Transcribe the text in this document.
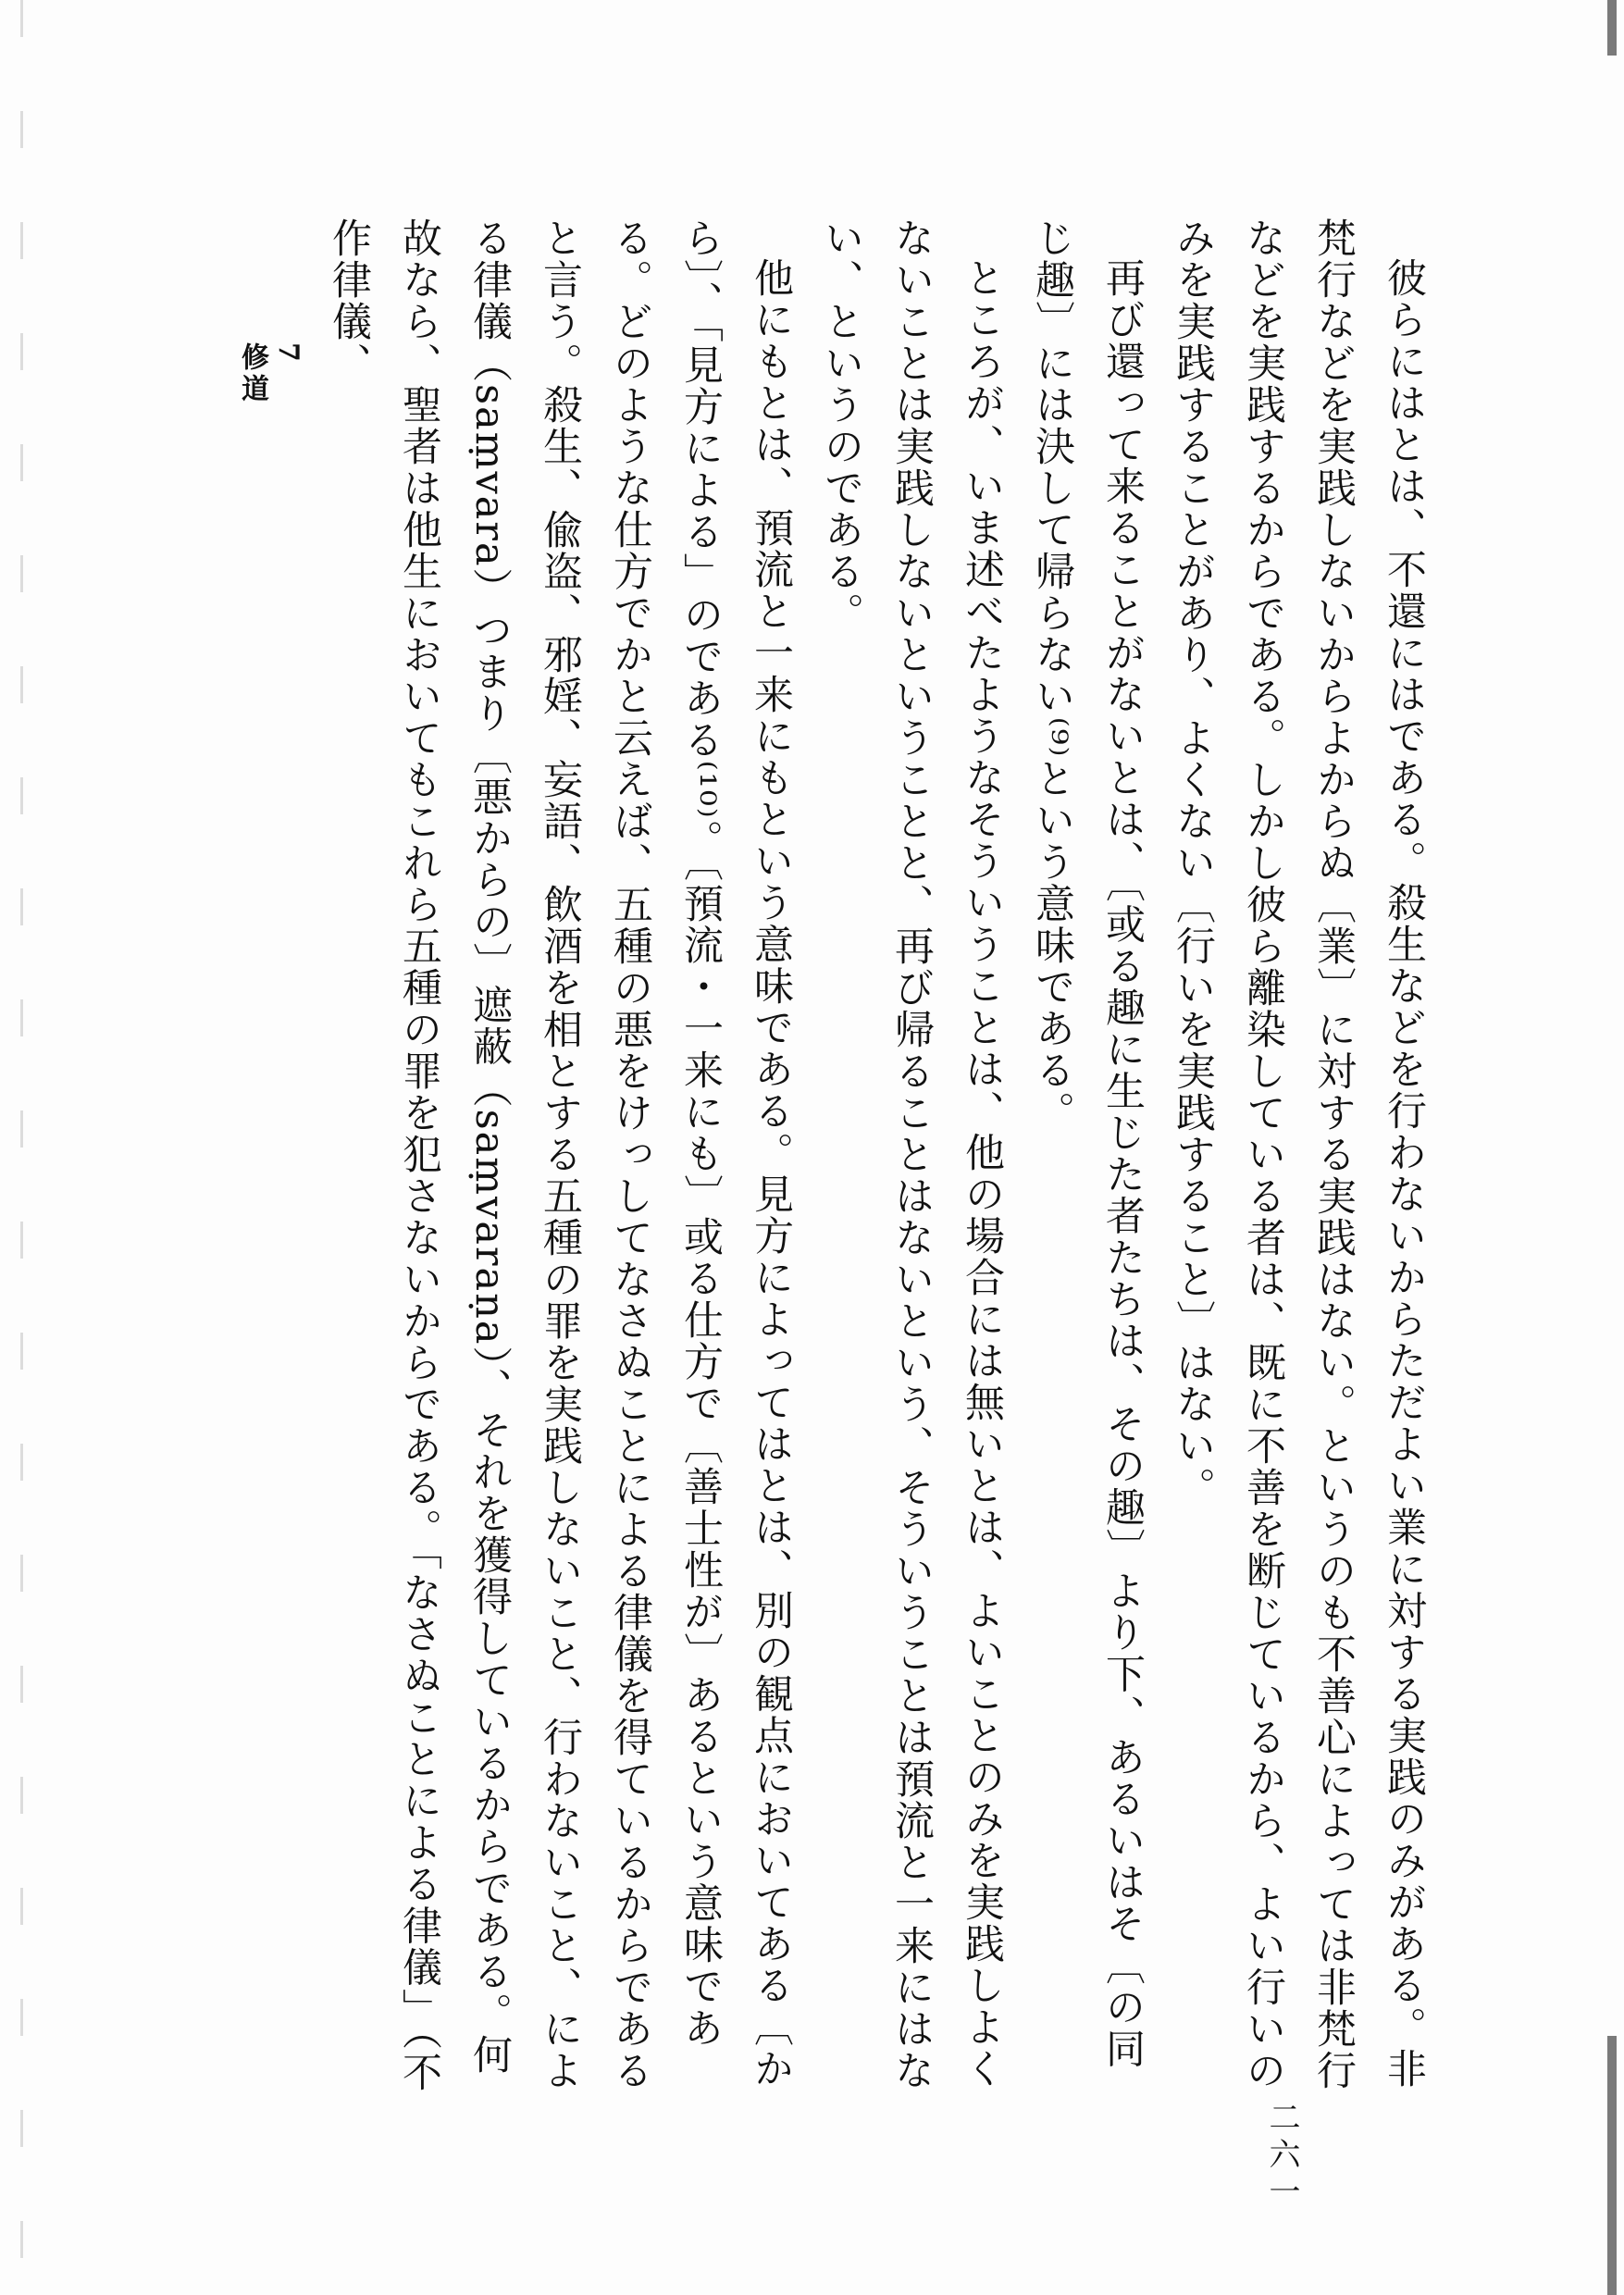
彼らにはとは、不還にはである。殺生などを行わないからただよい業に対する実践のみがある。非梵行などを実践しないからよからぬ〔業〕に対する実践はない。というのも不善心によっては非梵行などを実践するからである。しかし彼ら離染している者は、既に不善を断じているから、よい行いのみを実践することがあり、よくない〔行いを実践すること〕はない。

再び還って来ることがないとは、〔或る趣に生じた者たちは、その趣〕より下、あるいはそ〔の同じ趣〕には決して帰らない⁽⁹⁾という意味である。

ところが、いま述べたようなそういうことは、他の場合には無いとは、よいことのみを実践しよくないことは実践しないということと、再び帰ることはないという、そういうことは預流と一来にはない、というのである。

他にもとは、預流と一来にもという意味である。見方によってはとは、別の観点においてある〔から〕、「見方による」のである⁽¹⁰⁾。〔預流・一来にも〕或る仕方で〔善士性が〕あるという意味である。どのような仕方でかと云えば、五種の悪をけっしてなさぬことによる律儀を得ているからであると言う。殺生、偸盗、邪婬、妄語、飲酒を相とする五種の罪を実践しないこと、行わないこと、による律儀（saṃvara）つまり〔悪からの〕遮蔽（saṃvaraṇa）、それを獲得しているからである。何故なら、聖者は他生においてもこれら五種の罪を犯さないからである。「なさぬことによる律儀」（不作律儀、

7
修道
二六一
